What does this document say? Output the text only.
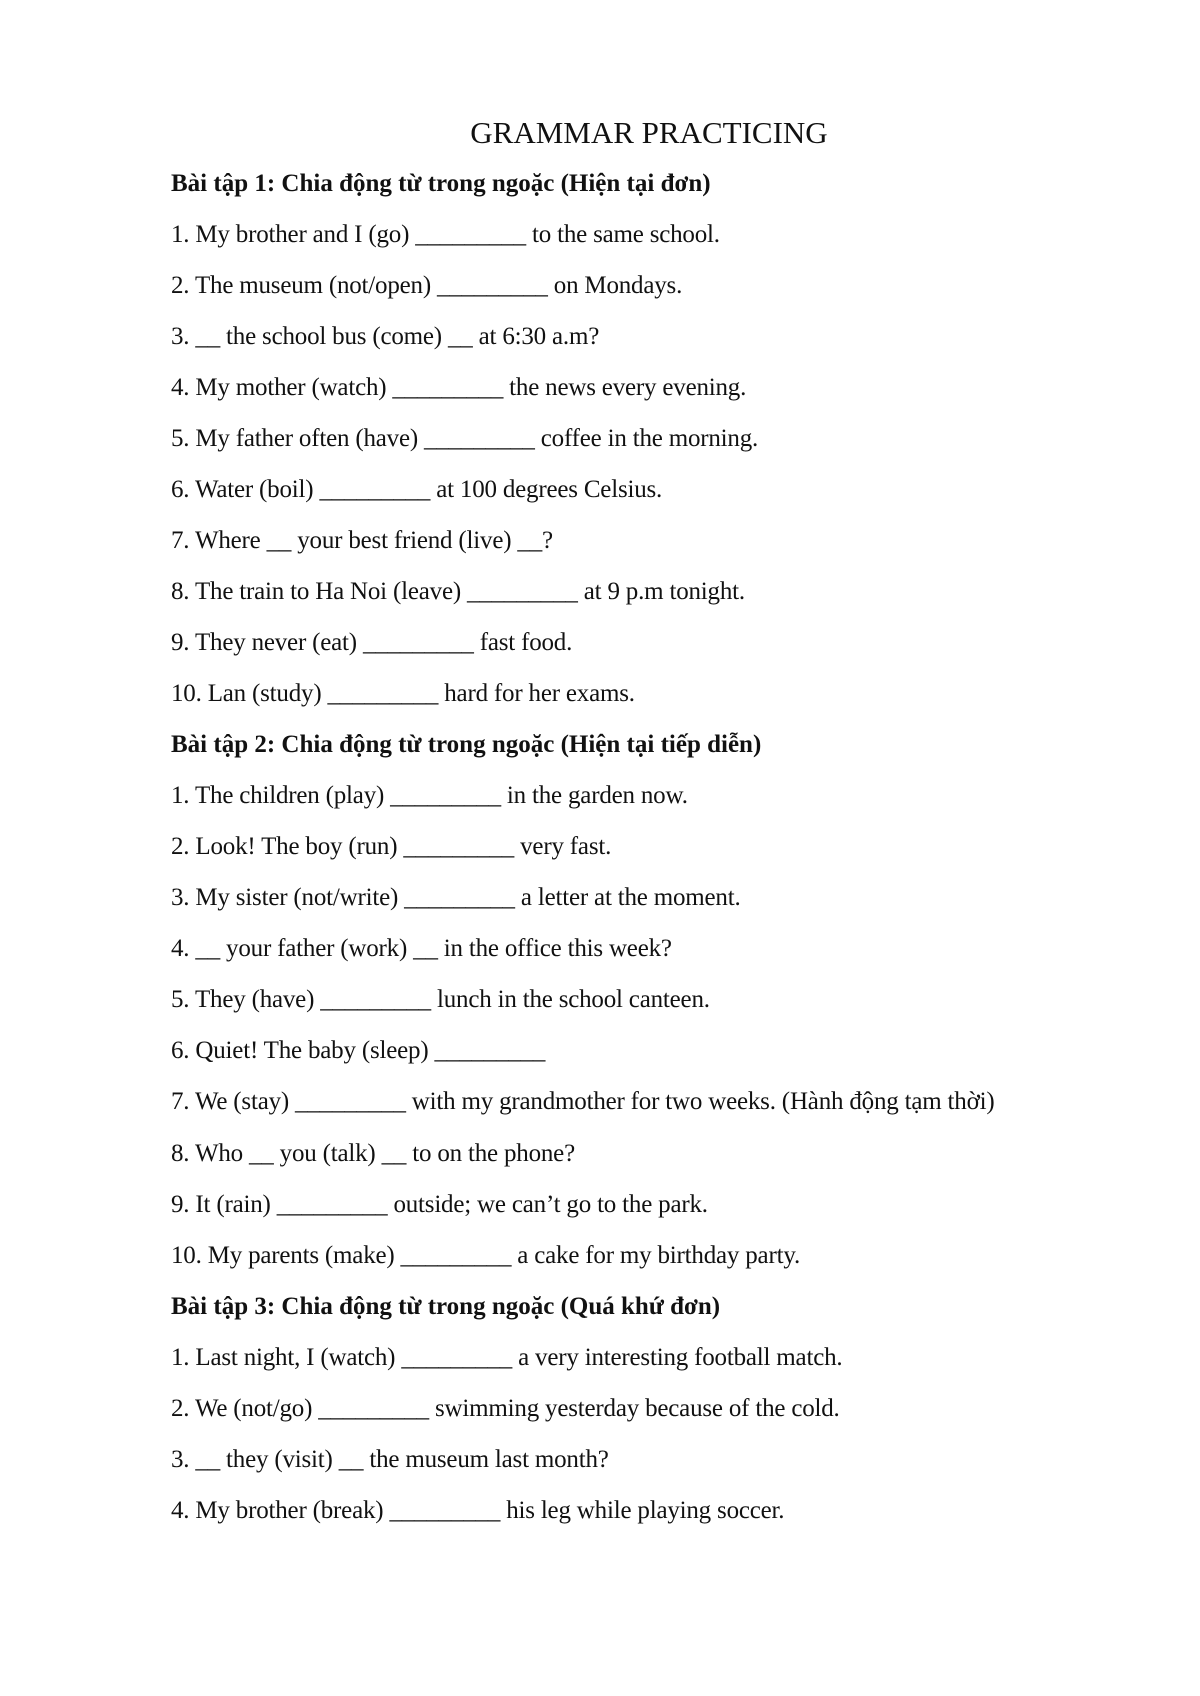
GRAMMAR PRACTICING

Bài tập 1: Chia động từ trong ngoặc (Hiện tại đơn)

1. My brother and I (go) _________ to the same school.

2. The museum (not/open) _________ on Mondays.

3. __ the school bus (come) __ at 6:30 a.m?

4. My mother (watch) _________ the news every evening.

5. My father often (have) _________ coffee in the morning.

6. Water (boil) _________ at 100 degrees Celsius.

7. Where __ your best friend (live) __?

8. The train to Ha Noi (leave) _________ at 9 p.m tonight.

9. They never (eat) _________ fast food.

10. Lan (study) _________ hard for her exams.

Bài tập 2: Chia động từ trong ngoặc (Hiện tại tiếp diễn)

1. The children (play) _________ in the garden now.

2. Look! The boy (run) _________ very fast.

3. My sister (not/write) _________ a letter at the moment.

4. __ your father (work) __ in the office this week?

5. They (have) _________ lunch in the school canteen.

6. Quiet! The baby (sleep) _________

7. We (stay) _________ with my grandmother for two weeks. (Hành động tạm thời)

8. Who __ you (talk) __ to on the phone?

9. It (rain) _________ outside; we can’t go to the park.

10. My parents (make) _________ a cake for my birthday party.

Bài tập 3: Chia động từ trong ngoặc (Quá khứ đơn)

1. Last night, I (watch) _________ a very interesting football match.

2. We (not/go) _________ swimming yesterday because of the cold.

3. __ they (visit) __ the museum last month?

4. My brother (break) _________ his leg while playing soccer.
